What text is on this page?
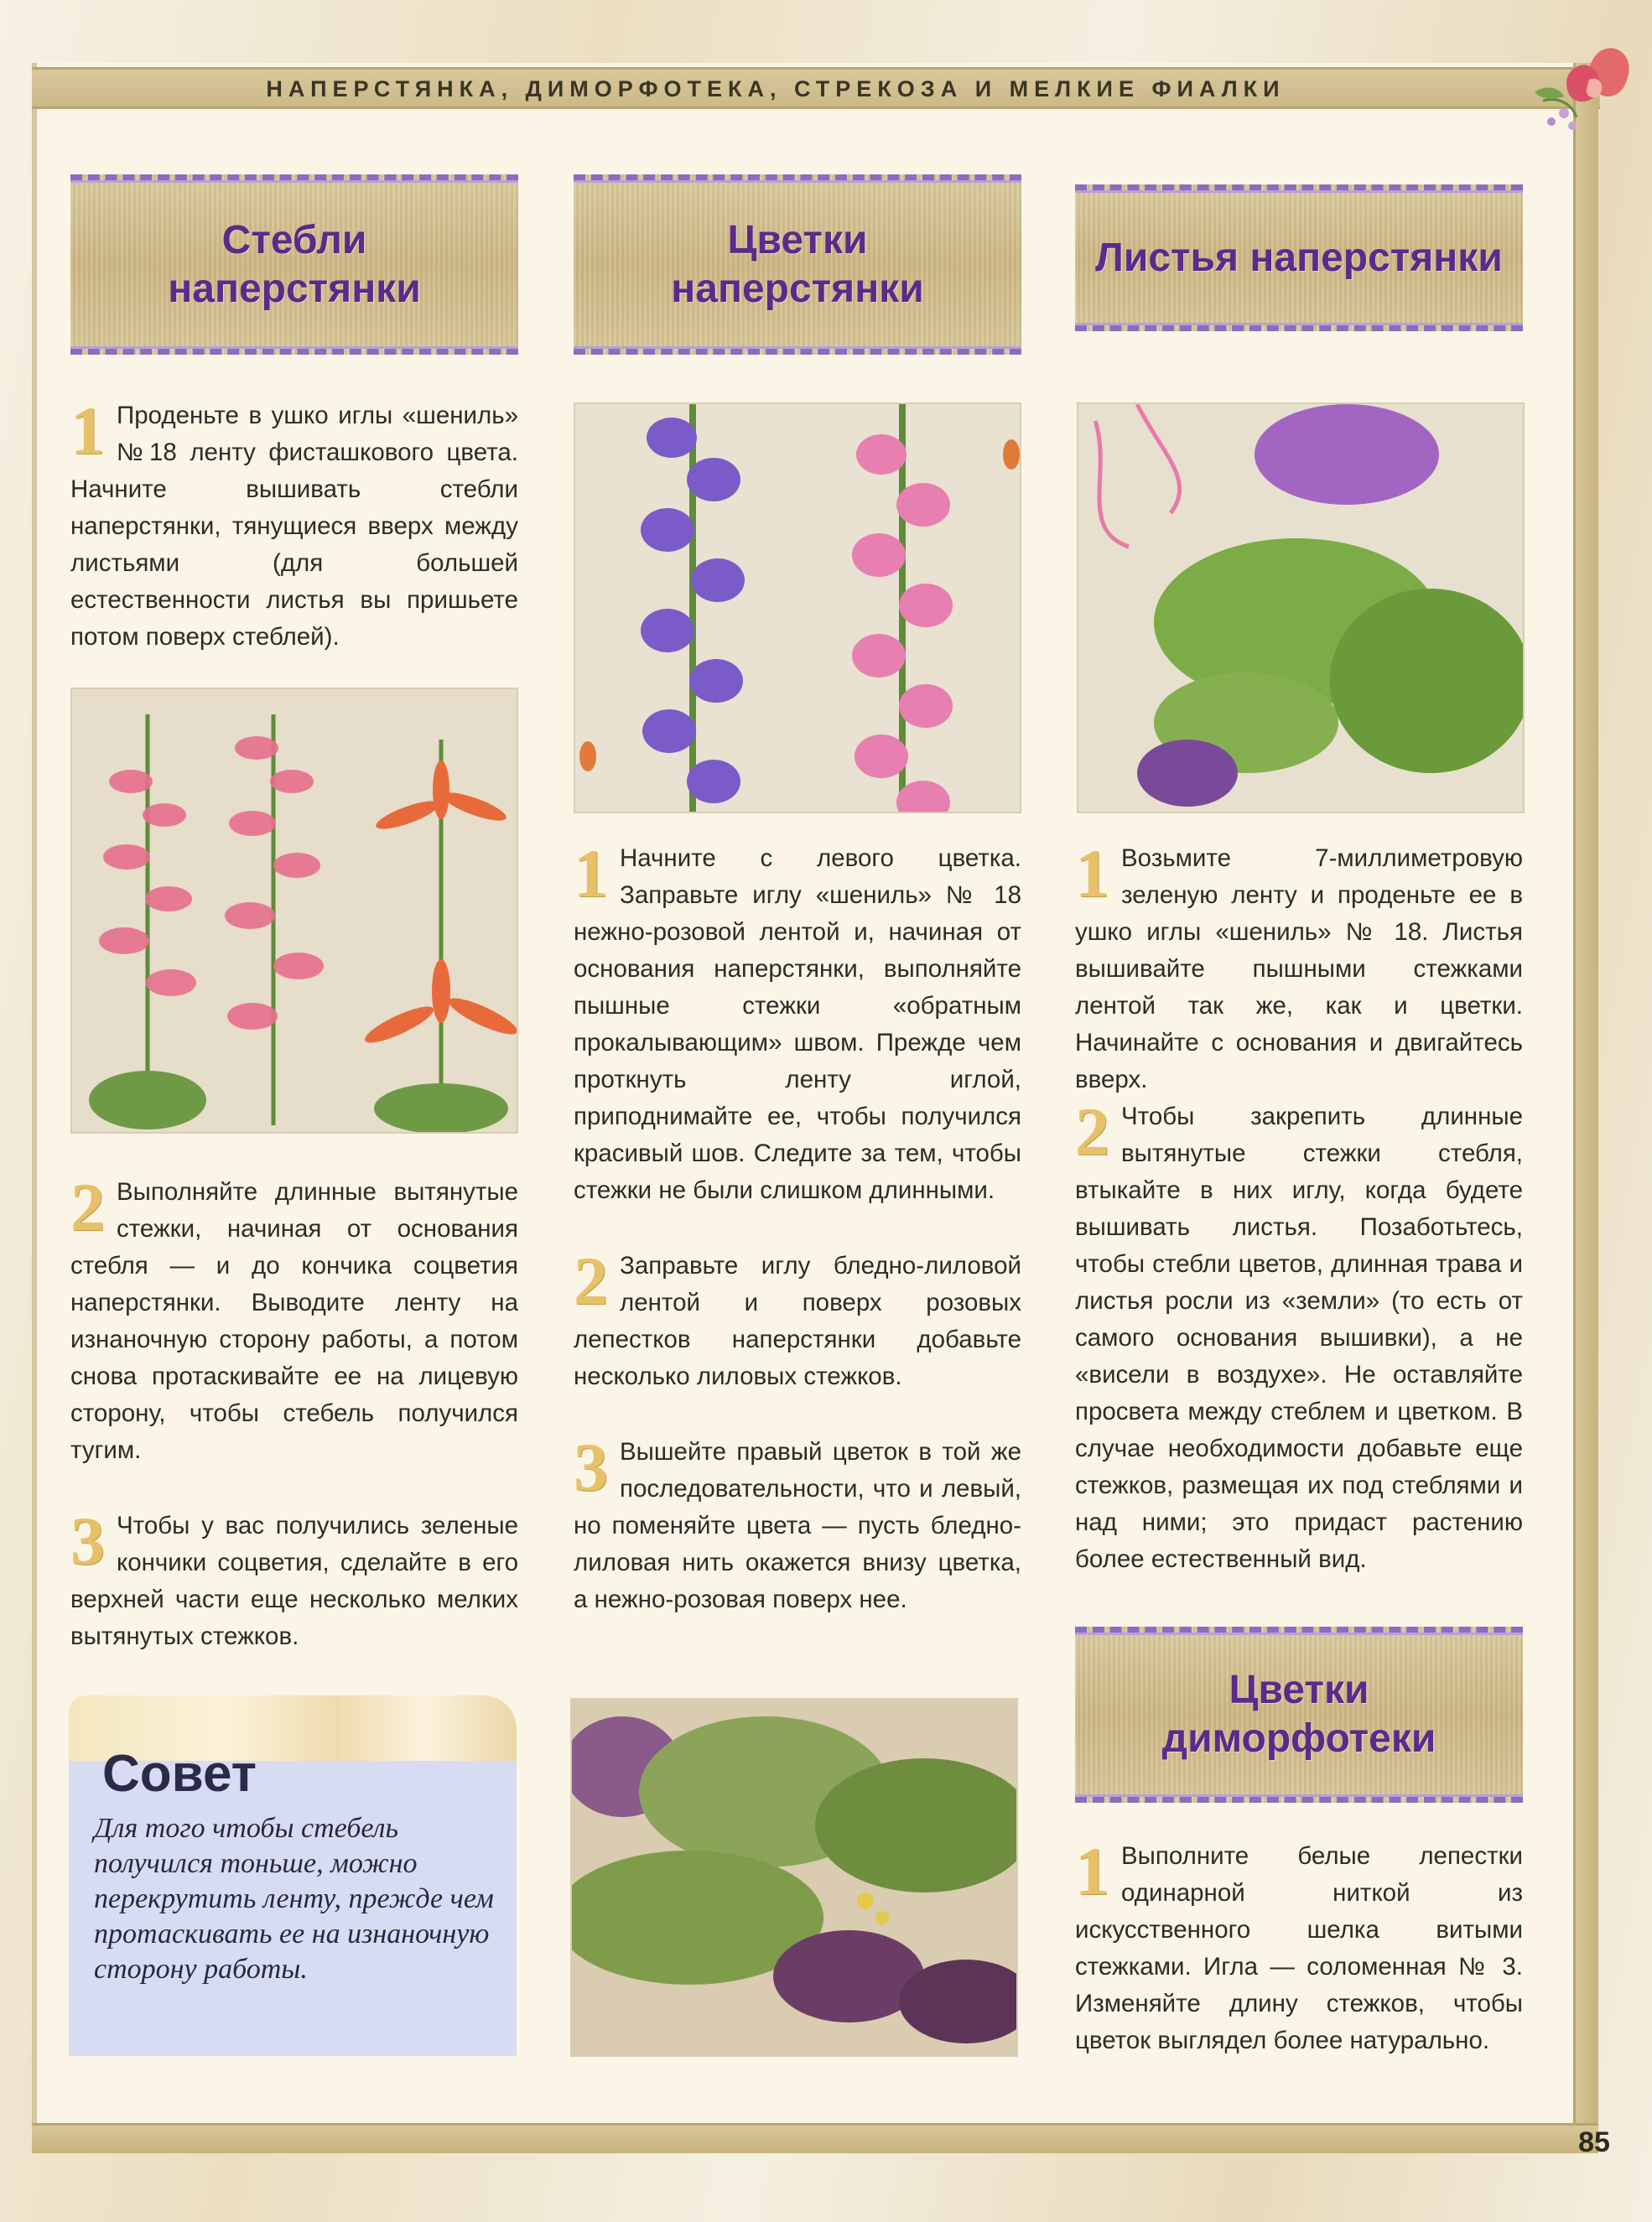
НАПЕРСТЯНКА, ДИМОРФОТЕКА, СТРЕКОЗА И МЕЛКИЕ ФИАЛКИ
85
Стебли
наперстянки
1 Проденьте в ушко иглы «шениль» №18 ленту фисташкового цвета. Начните вышивать стебли наперстянки, тянущиеся вверх между листьями (для большей естественности листья вы пришьете потом поверх стеблей).
2 Выполняйте длинные вытянутые стежки, начиная от основания стебля — и до кончика соцветия наперстянки. Выводите ленту на изнаночную сторону работы, а потом снова протаскивайте ее на лицевую сторону, чтобы стебель получился тугим.
3 Чтобы у вас получились зеленые кончики соцветия, сделайте в его верхней части еще несколько мелких вытянутых стежков.
Совет
Для того чтобы стебель получился тоньше, можно перекрутить ленту, прежде чем протаскивать ее на изнаночную сторону работы.
Цветки
наперстянки
1 Начните с левого цветка. Заправьте иглу «шениль» № 18 нежно-розовой лентой и, начиная от основания наперстянки, выполняйте пышные стежки «обратным прокалывающим» швом. Прежде чем проткнуть ленту иглой, приподнимайте ее, чтобы получился красивый шов. Следите за тем, чтобы стежки не были слишком длинными.
2 Заправьте иглу бледно-лиловой лентой и поверх розовых лепестков наперстянки добавьте несколько лиловых стежков.
3 Вышейте правый цветок в той же последовательности, что и левый, но поменяйте цвета — пусть бледно-лиловая нить окажется внизу цветка, а нежно-розовая поверх нее.
Листья наперстянки
1 Возьмите 7-миллиметровую зеленую ленту и проденьте ее в ушко иглы «шениль» № 18. Листья вышивайте пышными стежками лентой так же, как и цветки. Начинайте с основания и двигайтесь вверх.
2 Чтобы закрепить длинные вытянутые стежки стебля, втыкайте в них иглу, когда будете вышивать листья. Позаботьтесь, чтобы стебли цветов, длинная трава и листья росли из «земли» (то есть от самого основания вышивки), а не «висели в воздухе». Не оставляйте просвета между стеблем и цветком. В случае необходимости добавьте еще стежков, размещая их под стеблями и над ними; это придаст растению более естественный вид.
Цветки
диморфотеки
1 Выполните белые лепестки одинарной ниткой из искусственного шелка витыми стежками. Игла — соломенная № 3. Изменяйте длину стежков, чтобы цветок выглядел более натурально.
